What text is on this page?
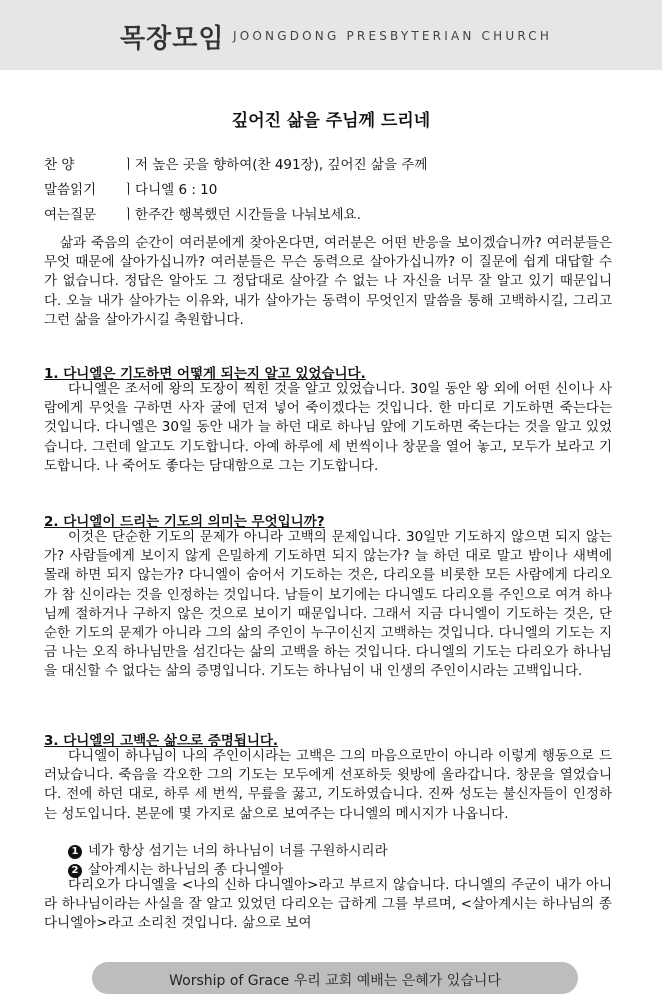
목장모임 JOONGDONG PRESBYTERIAN CHURCH
깊어진 삶을 주님께 드리네
찬 양	ㅣ저 높은 곳을 향하여(찬 491장), 깊어진 삶을 주께
말씀읽기 ㅣ다니엘 6 : 10
여는질문 ㅣ한주간 행복했던 시간들을 나눠보세요.

삶과 죽음의 순간이 여러분에게 찾아온다면, 여러분은 어떤 반응을 보이겠습니까? 여러분들은 무엇 때문에 살아가십니까? 여러분들은 무슨 동력으로 살아가십니까? 이 질문에 쉽게 대답할 수가 없습니다. 정답은 알아도 그 정답대로 살아갈 수 없는 나 자신을 너무 잘 알고 있기 때문입니다. 오늘 내가 살아가는 이유와, 내가 살아가는 동력이 무엇인지 말씀을 통해 고백하시길, 그리고 그런 삶을 살아가시길 축원합니다.

1. 다니엘은 기도하면 어떻게 되는지 알고 있었습니다.

다니엘은 조서에 왕의 도장이 찍힌 것을 알고 있었습니다. 30일 동안 왕 외에 어떤 신이나 사람에게 무엇을 구하면 사자 굴에 던져 넣어 죽이겠다는 것입니다. 한 마디로 기도하면 죽는다는 것입니다. 다니엘은 30일 동안 내가 늘 하던 대로 하나님 앞에 기도하면 죽는다는 것을 알고 있었습니다. 그런데 알고도 기도합니다. 아예 하루에 세 번씩이나 창문을 열어 놓고, 모두가 보라고 기도합니다. 나 죽어도 좋다는 담대함으로 그는 기도합니다.

2. 다니엘이 드리는 기도의 의미는 무엇입니까?

이것은 단순한 기도의 문제가 아니라 고백의 문제입니다. 30일만 기도하지 않으면 되지 않는가? 사람들에게 보이지 않게 은밀하게 기도하면 되지 않는가? 늘 하던 대로 말고 밤이나 새벽에 몰래 하면 되지 않는가? 다니엘이 숨어서 기도하는 것은, 다리오를 비롯한 모든 사람에게 다리오가 참 신이라는 것을 인정하는 것입니다. 남들이 보기에는 다니엘도 다리오를 주인으로 여겨 하나님께 절하거나 구하지 않은 것으로 보이기 때문입니다. 그래서 지금 다니엘이 기도하는 것은, 단순한 기도의 문제가 아니라 그의 삶의 주인이 누구이신지 고백하는 것입니다. 다니엘의 기도는 지금 나는 오직 하나님만을 섬긴다는 삶의 고백을 하는 것입니다. 다니엘의 기도는 다리오가 하나님을 대신할 수 없다는 삶의 증명입니다. 기도는 하나님이 내 인생의 주인이시라는 고백입니다.

3. 다니엘의 고백은 삶으로 증명됩니다.

다니엘이 하나님이 나의 주인이시라는 고백은 그의 마음으로만이 아니라 이렇게 행동으로 드러났습니다. 죽음을 각오한 그의 기도는 모두에게 선포하듯 윗방에 올라갑니다. 창문을 열었습니다. 전에 하던 대로, 하루 세 번씩, 무릎을 꿇고, 기도하였습니다. 진짜 성도는 불신자들이 인정하는 성도입니다. 본문에 몇 가지로 삶으로 보여주는 다니엘의 메시지가 나옵니다.

1 네가 항상 섬기는 너의 하나님이 너를 구원하시리라
2 살아계시는 하나님의 종 다니엘아

다리오가 다니엘을 <나의 신하 다니엘아>라고 부르지 않습니다. 다니엘의 주군이 내가 아니라 하나님이라는 사실을 잘 알고 있었던 다리오는 급하게 그를 부르며, <살아계시는 하나님의 종 다니엘아>라고 소리친 것입니다. 삶으로 보여

Worship of Grace 우리 교회 예배는 은혜가 있습니다
